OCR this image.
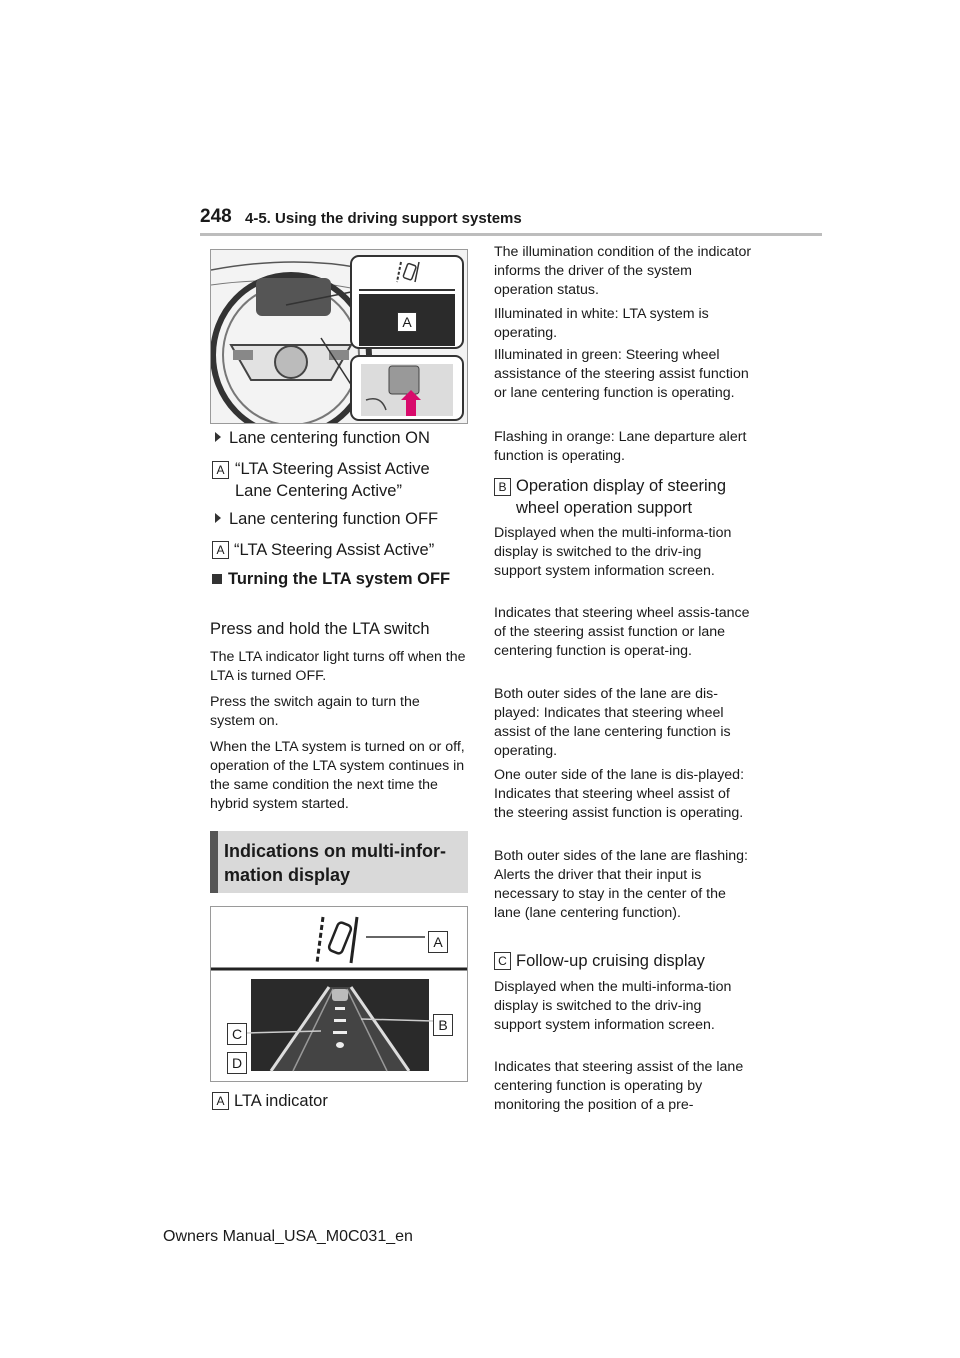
248 4-5. Using the driving support systems
A
Lane centering function ON
A “LTA Steering Assist Active Lane Centering Active”
Lane centering function OFF
A “LTA Steering Assist Active”
Turning the LTA system OFF
Press and hold the LTA switch
The LTA indicator light turns off when the LTA is turned OFF.
Press the switch again to turn the system on.
When the LTA system is turned on or off, operation of the LTA system continues in the same condition the next time the hybrid system started.
Indications on multi-infor-mation display
A
B
C
D
A LTA indicator
The illumination condition of the indicator informs the driver of the system operation status.
Illuminated in white: LTA system is operating.
Illuminated in green: Steering wheel assistance of the steering assist function or lane centering function is operating.
Flashing in orange: Lane departure alert function is operating.
B Operation display of steering wheel operation support
Displayed when the multi-informa-tion display is switched to the driv-ing support system information screen.
Indicates that steering wheel assis-tance of the steering assist function or lane centering function is operat-ing.
Both outer sides of the lane are dis-played: Indicates that steering wheel assist of the lane centering function is operating.
One outer side of the lane is dis-played: Indicates that steering wheel assist of the steering assist function is operating.
Both outer sides of the lane are flashing: Alerts the driver that their input is necessary to stay in the center of the lane (lane centering function).
C Follow-up cruising display
Displayed when the multi-informa-tion display is switched to the driv-ing support system information screen.
Indicates that steering assist of the lane centering function is operating by monitoring the position of a pre-
Owners Manual_USA_M0C031_en
